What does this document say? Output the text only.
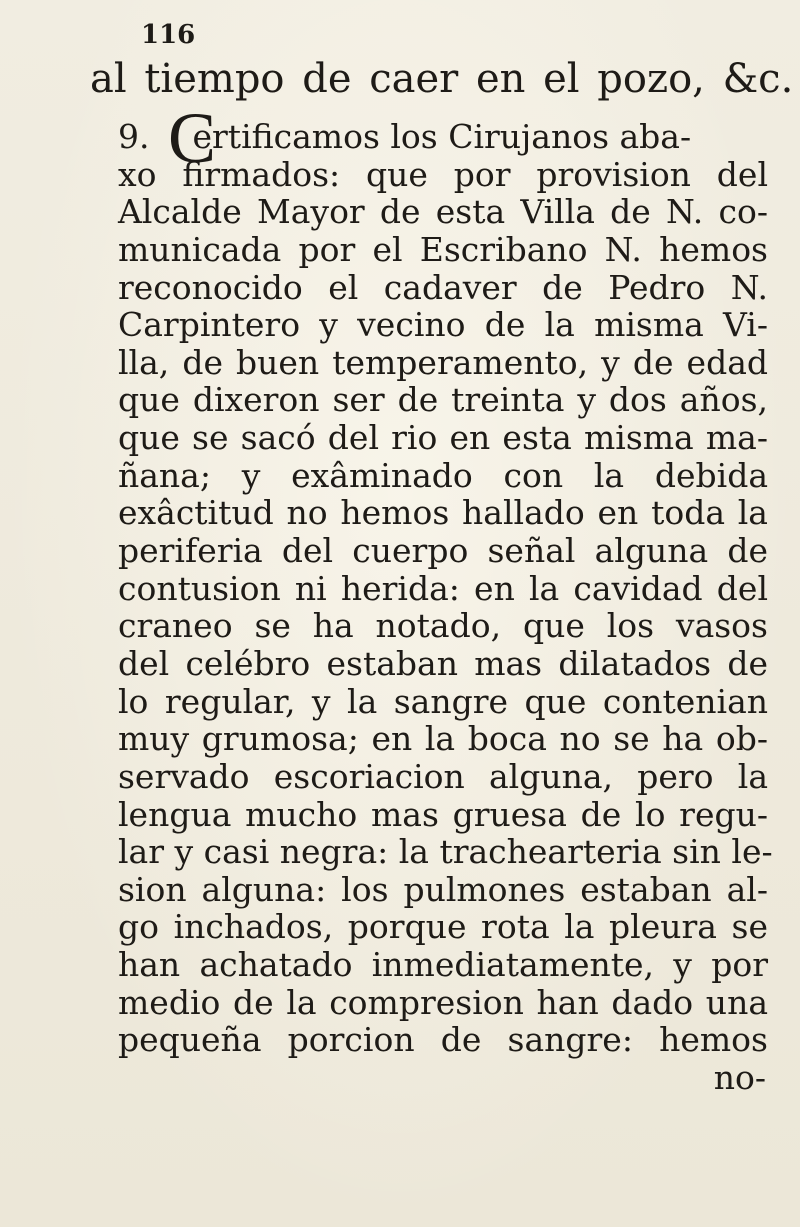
116
al tiempo de caer en el pozo, &c.
9. C
ertificamos los Cirujanos aba-
xo firmados: que por provision del
Alcalde Mayor de esta Villa de N. co-
municada por el Escribano N. hemos
reconocido el cadaver de Pedro N.
Carpintero y vecino de la misma Vi-
lla, de buen temperamento, y de edad
que dixeron ser de treinta y dos años,
que se sacó del rio en esta misma ma-
ñana; y exâminado con la debida
exâctitud no hemos hallado en toda la
periferia del cuerpo señal alguna de
contusion ni herida: en la cavidad del
craneo se ha notado, que los vasos
del celébro estaban mas dilatados de
lo regular, y la sangre que contenian
muy grumosa; en la boca no se ha ob-
servado escoriacion alguna, pero la
lengua mucho mas gruesa de lo regu-
lar y casi negra: la trachearteria sin le-
sion alguna: los pulmones estaban al-
go inchados, porque rota la pleura se
han achatado inmediatamente, y por
medio de la compresion han dado una
pequeña porcion de sangre: hemos
no-
